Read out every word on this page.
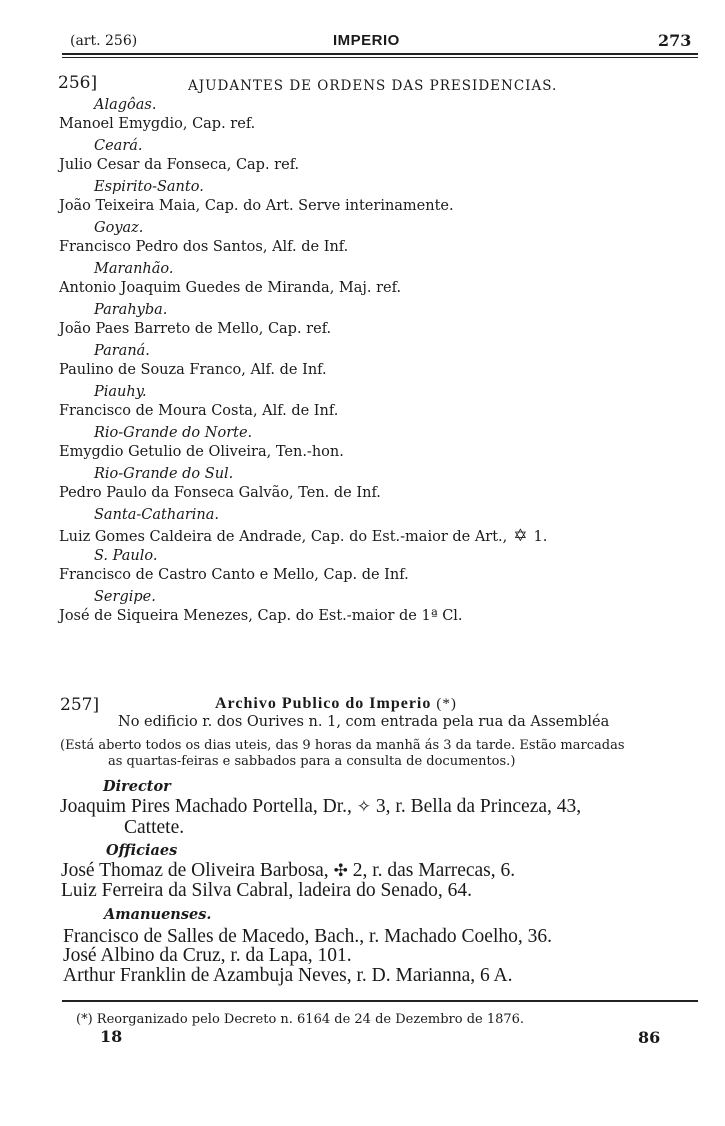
(art. 256)	IMPERIO	273
256]	AJUDANTES DE ORDENS DAS PRESIDENCIAS.
Alagôas.
Manoel Emygdio, Cap. ref.
Ceará.
Julio Cesar da Fonseca, Cap. ref.
Espirito-Santo.
João Teixeira Maia, Cap. do Art. Serve interinamente.
Goyaz.
Francisco Pedro dos Santos, Alf. de Inf.
Maranhão.
Antonio Joaquim Guedes de Miranda, Maj. ref.
Parahyba.
João Paes Barreto de Mello, Cap. ref.
Paraná.
Paulino de Souza Franco, Alf. de Inf.
Piauhy.
Francisco de Moura Costa, Alf. de Inf.
Rio-Grande do Norte.
Emygdio Getulio de Oliveira, Ten.-hon.
Rio-Grande do Sul.
Pedro Paulo da Fonseca Galvão, Ten. de Inf.
Santa-Catharina.
Luiz Gomes Caldeira de Andrade, Cap. do Est.-maior de Art., ✡ 1.
S. Paulo.
Francisco de Castro Canto e Mello, Cap. de Inf.
Sergipe.
José de Siqueira Menezes, Cap. do Est.-maior de 1ª Cl.
257]	Archivo Publico do Imperio (*)
No edificio r. dos Ourives n. 1, com entrada pela rua da Assembléa
(Está aberto todos os dias uteis, das 9 horas da manhã ás 3 da tarde. Estão marcadas
as quartas-feiras e sabbados para a consulta de documentos.)
Director
Joaquim Pires Machado Portella, Dr., ✧ 3, r. Bella da Princeza, 43,
Cattete.
Officiaes
José Thomaz de Oliveira Barbosa, ✣ 2, r. das Marrecas, 6.
Luiz Ferreira da Silva Cabral, ladeira do Senado, 64.
Amanuenses.
Francisco de Salles de Macedo, Bach., r. Machado Coelho, 36.
José Albino da Cruz, r. da Lapa, 101.
Arthur Franklin de Azambuja Neves, r. D. Marianna, 6 A.
(*) Reorganizado pelo Decreto n. 6164 de 24 de Dezembro de 1876.
18	86
